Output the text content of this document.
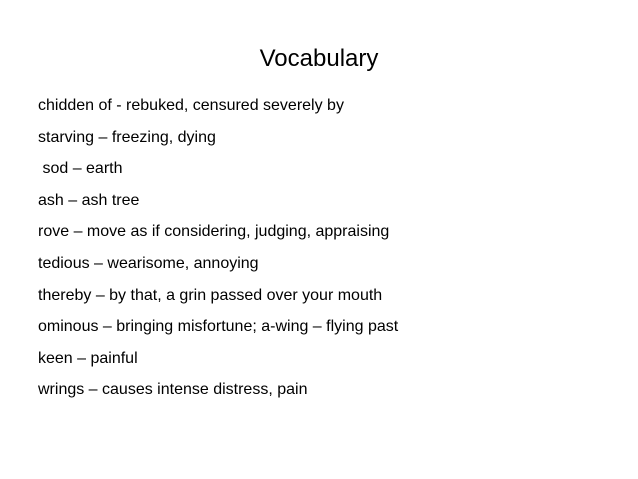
Vocabulary
chidden of - rebuked, censured severely by
starving – freezing, dying
sod – earth
ash – ash tree
rove – move as if considering, judging, appraising
tedious – wearisome, annoying
thereby – by that, a grin passed over your mouth
ominous – bringing misfortune; a-wing – flying past
keen – painful
wrings – causes intense distress, pain
